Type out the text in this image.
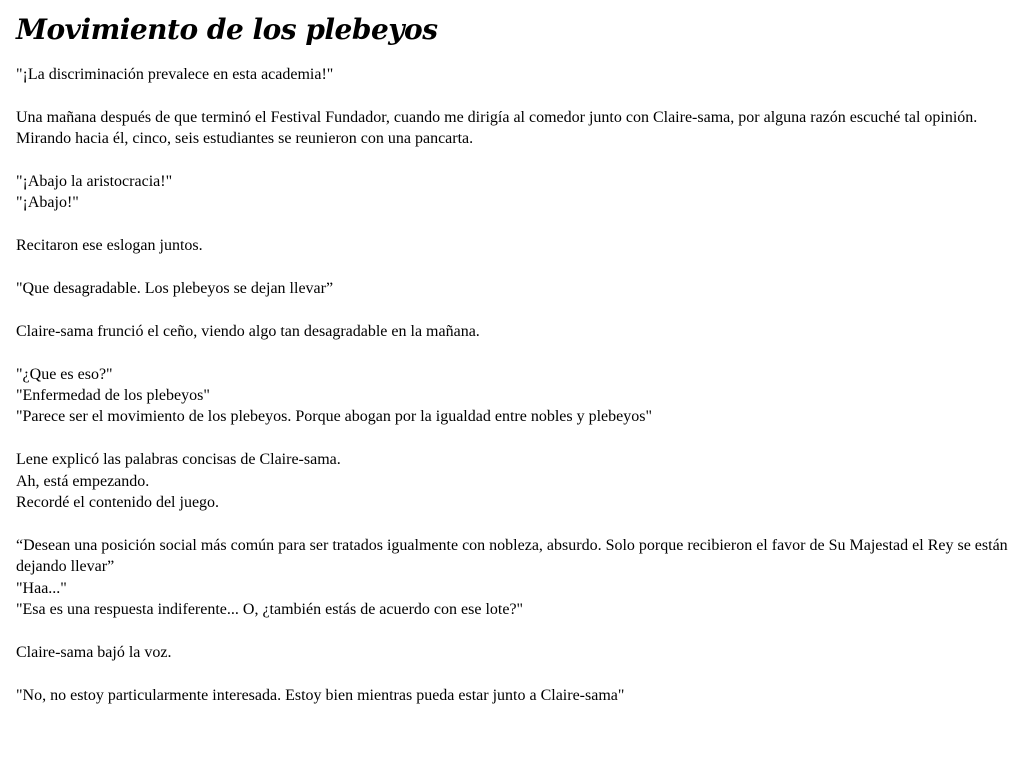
Movimiento de los plebeyos

"¡La discriminación prevalece en esta academia!"

Una mañana después de que terminó el Festival Fundador, cuando me dirigía al comedor junto con Claire-sama, por alguna razón escuché tal opinión.

Mirando hacia él, cinco, seis estudiantes se reunieron con una pancarta.

"¡Abajo la aristocracia!"

"¡Abajo!"

Recitaron ese eslogan juntos.

"Que desagradable. Los plebeyos se dejan llevar”

Claire-sama frunció el ceño, viendo algo tan desagradable en la mañana.

"¿Que es eso?"

"Enfermedad de los plebeyos"

"Parece ser el movimiento de los plebeyos. Porque abogan por la igualdad entre nobles y plebeyos"

Lene explicó las palabras concisas de Claire-sama.

Ah, está empezando.

Recordé el contenido del juego.

“Desean una posición social más común para ser tratados igualmente con nobleza, absurdo. Solo porque recibieron el favor de Su Majestad el Rey se están dejando llevar”

"Haa..."

"Esa es una respuesta indiferente... O, ¿también estás de acuerdo con ese lote?"

Claire-sama bajó la voz.

"No, no estoy particularmente interesada. Estoy bien mientras pueda estar junto a Claire-sama"
